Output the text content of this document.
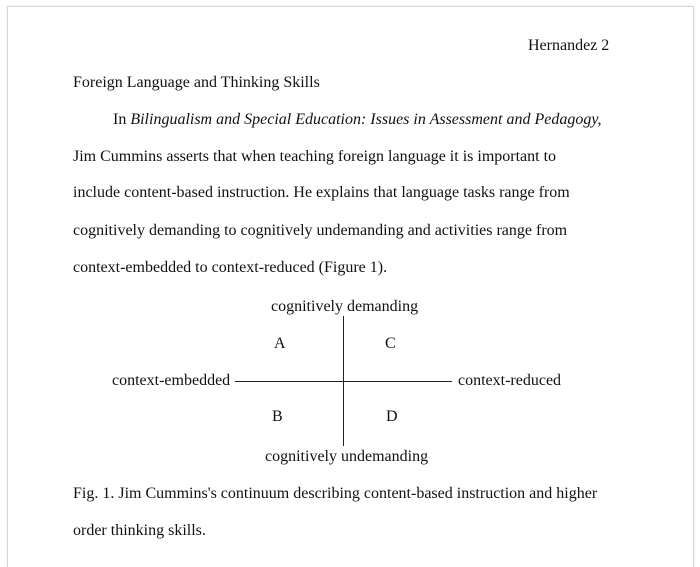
Hernandez 2
Foreign Language and Thinking Skills
In Bilingualism and Special Education: Issues in Assessment and Pedagogy,
Jim Cummins asserts that when teaching foreign language it is important to
include content-based instruction. He explains that language tasks range from
cognitively demanding to cognitively undemanding and activities range from
context-embedded to context-reduced (Figure 1).
cognitively demanding
cognitively undemanding
context-embedded	context-reduced
A	C
B	D
Fig. 1. Jim Cummins's continuum describing content-based instruction and higher
order thinking skills.
